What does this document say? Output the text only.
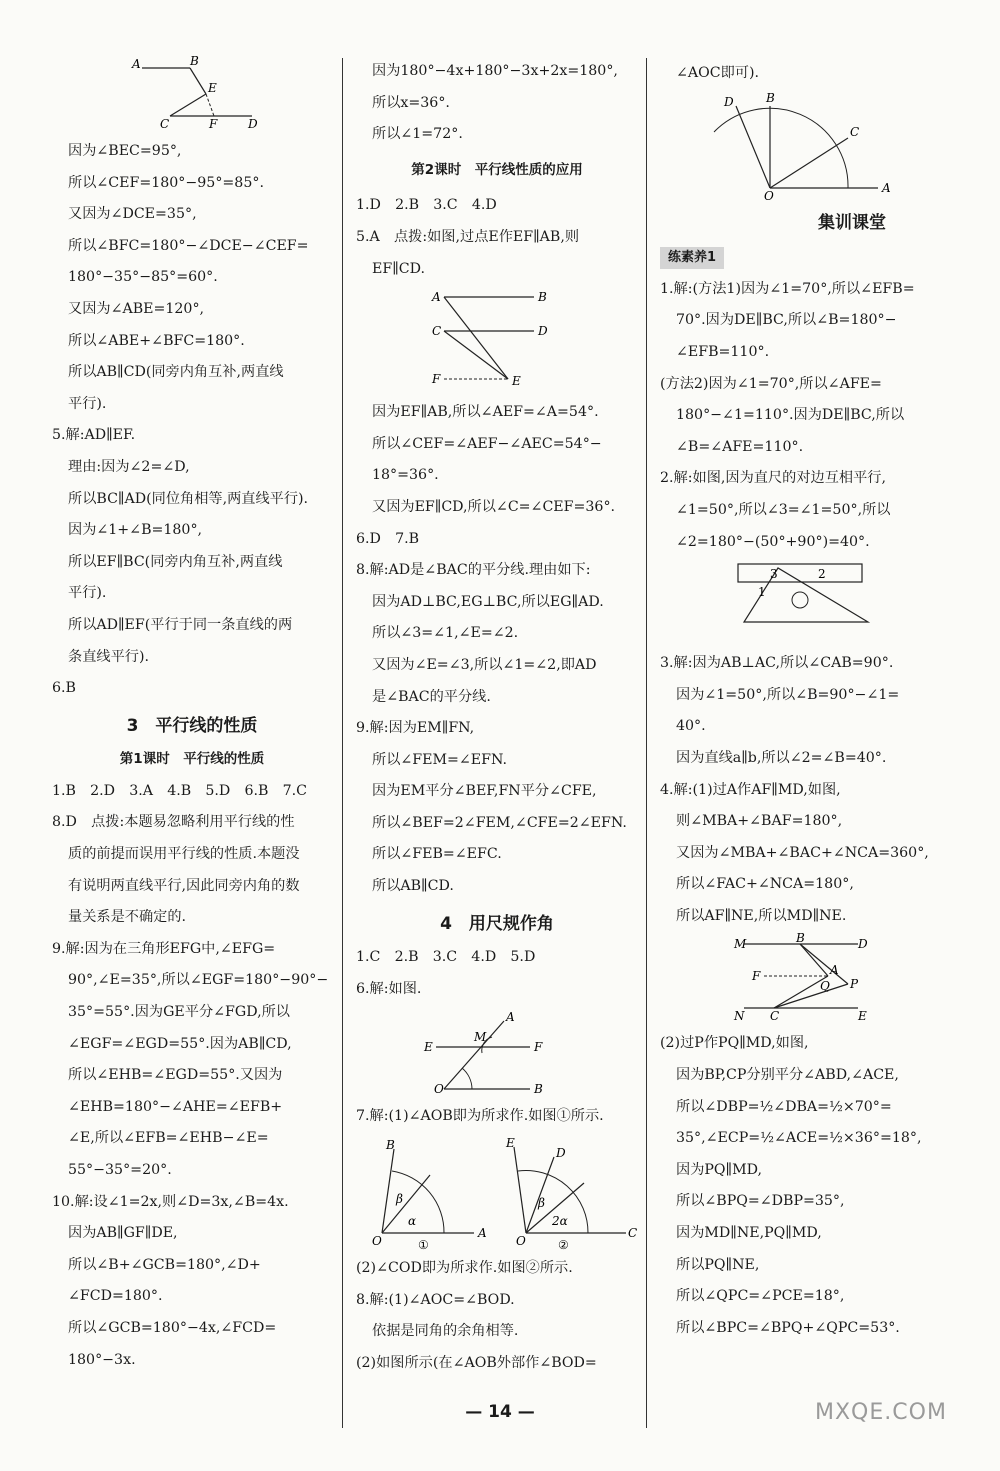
A	B
E
C	F	D
因为∠BEC=95°,
所以∠CEF=180°−95°=85°.
又因为∠DCE=35°,
所以∠BFC=180°−∠DCE−∠CEF=
180°−35°−85°=60°.
又因为∠ABE=120°,
所以∠ABE+∠BFC=180°.
所以AB∥CD(同旁内角互补,两直线
平行).
5.解:AD∥EF.
理由:因为∠2=∠D,
所以BC∥AD(同位角相等,两直线平行).
因为∠1+∠B=180°,
所以EF∥BC(同旁内角互补,两直线
平行).
所以AD∥EF(平行于同一条直线的两
条直线平行).
6.B
3　平行线的性质
第1课时　平行线的性质
1.B　2.D　3.A　4.B　5.D　6.B　7.C
8.D　点拨:本题易忽略利用平行线的性
质的前提而误用平行线的性质.本题没
有说明两直线平行,因此同旁内角的数
量关系是不确定的.
9.解:因为在三角形EFG中,∠EFG=
90°,∠E=35°,所以∠EGF=180°−90°−
35°=55°.因为GE平分∠FGD,所以
∠EGF=∠EGD=55°.因为AB∥CD,
所以∠EHB=∠EGD=55°.又因为
∠EHB=180°−∠AHE=∠EFB+
∠E,所以∠EFB=∠EHB−∠E=
55°−35°=20°.
10.解:设∠1=2x,则∠D=3x,∠B=4x.
因为AB∥GF∥DE,
所以∠B+∠GCB=180°,∠D+
∠FCD=180°.
所以∠GCB=180°−4x,∠FCD=
180°−3x.
因为180°−4x+180°−3x+2x=180°,
所以x=36°.
所以∠1=72°.
第2课时　平行线性质的应用
1.D　2.B　3.C　4.D
5.A　点拨:如图,过点E作EF∥AB,则
EF∥CD.
A	B
C	D
F	E
因为EF∥AB,所以∠AEF=∠A=54°.
所以∠CEF=∠AEF−∠AEC=54°−
18°=36°.
又因为EF∥CD,所以∠C=∠CEF=36°.
6.D　7.B
8.解:AD是∠BAC的平分线.理由如下:
因为AD⊥BC,EG⊥BC,所以EG∥AD.
所以∠3=∠1,∠E=∠2.
又因为∠E=∠3,所以∠1=∠2,即AD
是∠BAC的平分线.
9.解:因为EM∥FN,
所以∠FEM=∠EFN.
因为EM平分∠BEF,FN平分∠CFE,
所以∠BEF=2∠FEM,∠CFE=2∠EFN.
所以∠FEB=∠EFC.
所以AB∥CD.
4　用尺规作角
1.C　2.B　3.C　4.D　5.D
6.解:如图.
O	B
E	F
M
A
7.解:(1)∠AOB即为所求作.如图①所示.
O
A
B
β
α
①	O
C
E
D
β
2α
②
(2)∠COD即为所求作.如图②所示.
8.解:(1)∠AOC=∠BOD.
依据是同角的余角相等.
(2)如图所示(在∠AOB外部作∠BOD=
∠AOC即可).
O
A
B
C
D
集训课堂
练素养1
1.解:(方法1)因为∠1=70°,所以∠EFB=
70°.因为DE∥BC,所以∠B=180°−
∠EFB=110°.
(方法2)因为∠1=70°,所以∠AFE=
180°−∠1=110°.因为DE∥BC,所以
∠B=∠AFE=110°.
2.解:如图,因为直尺的对边互相平行,
∠1=50°,所以∠3=∠1=50°,所以
∠2=180°−(50°+90°)=40°.
3	2
1
3.解:因为AB⊥AC,所以∠CAB=90°.
因为∠1=50°,所以∠B=90°−∠1=
40°.
因为直线a∥b,所以∠2=∠B=40°.
4.解:(1)过A作AF∥MD,如图,
则∠MBA+∠BAF=180°,
又因为∠MBA+∠BAC+∠NCA=360°,
所以∠FAC+∠NCA=180°,
所以AF∥NE,所以MD∥NE.
M	B	D
F	A
Q P
N C	E
(2)过P作PQ∥MD,如图,
因为BP,CP分别平分∠ABD,∠ACE,
所以∠DBP=½∠DBA=½×70°=
35°,∠ECP=½∠ACE=½×36°=18°,
因为PQ∥MD,
所以∠BPQ=∠DBP=35°,
因为MD∥NE,PQ∥MD,
所以PQ∥NE,
所以∠QPC=∠PCE=18°,
所以∠BPC=∠BPQ+∠QPC=53°.
— 14 —	MXQE.COM
